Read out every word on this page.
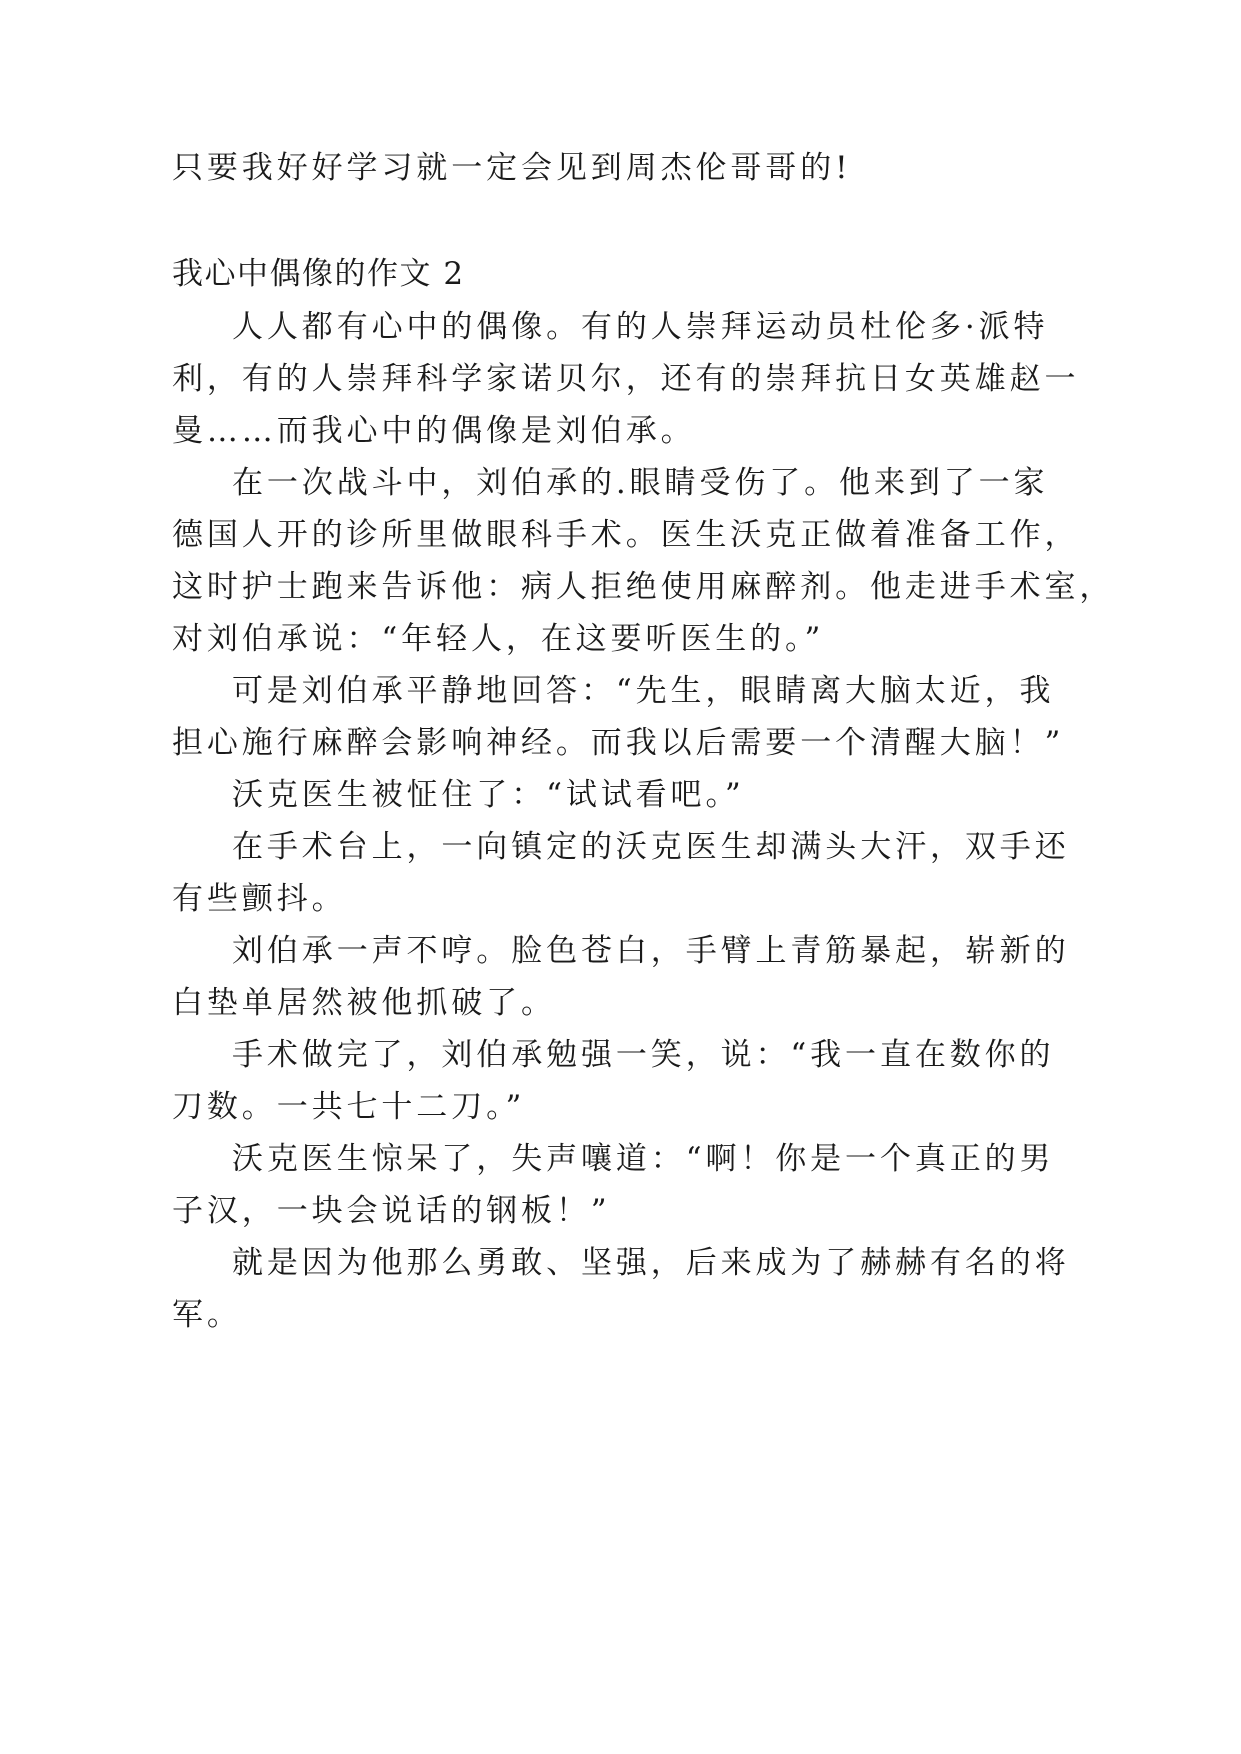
只要我好好学习就一定会见到周杰伦哥哥的!

我心中偶像的作文 2

人人都有心中的偶像。有的人崇拜运动员杜伦多·派特

利，有的人崇拜科学家诺贝尔，还有的崇拜抗日女英雄赵一

曼……而我心中的偶像是刘伯承。

在一次战斗中，刘伯承的.眼睛受伤了。他来到了一家

德国人开的诊所里做眼科手术。医生沃克正做着准备工作，

这时护士跑来告诉他：病人拒绝使用麻醉剂。他走进手术室，

对刘伯承说：“年轻人，在这要听医生的。”

可是刘伯承平静地回答：“先生，眼睛离大脑太近，我

担心施行麻醉会影响神经。而我以后需要一个清醒大脑！”

沃克医生被怔住了：“试试看吧。”

在手术台上，一向镇定的沃克医生却满头大汗，双手还

有些颤抖。

刘伯承一声不哼。脸色苍白，手臂上青筋暴起，崭新的

白垫单居然被他抓破了。

手术做完了，刘伯承勉强一笑，说：“我一直在数你的

刀数。一共七十二刀。”

沃克医生惊呆了，失声嚷道：“啊！你是一个真正的男

子汉，一块会说话的钢板！”

就是因为他那么勇敢、坚强，后来成为了赫赫有名的将

军。
